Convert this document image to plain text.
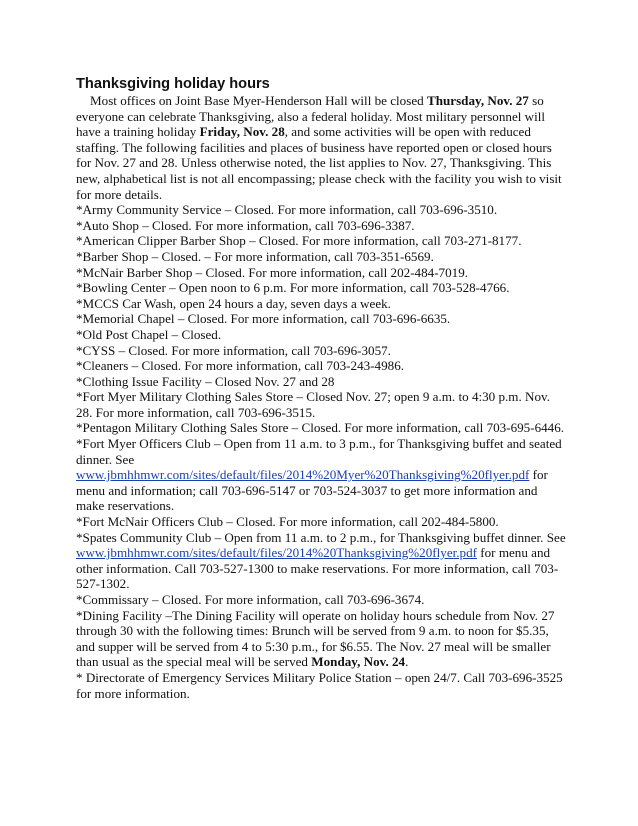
Thanksgiving holiday hours

Most offices on Joint Base Myer-Henderson Hall will be closed Thursday, Nov. 27 so everyone can celebrate Thanksgiving, also a federal holiday. Most military personnel will have a training holiday Friday, Nov. 28, and some activities will be open with reduced staffing. The following facilities and places of business have reported open or closed hours for Nov. 27 and 28. Unless otherwise noted, the list applies to Nov. 27, Thanksgiving. This new, alphabetical list is not all encompassing; please check with the facility you wish to visit for more details.

*Army Community Service – Closed. For more information, call 703-696-3510.

*Auto Shop – Closed. For more information, call 703-696-3387.

*American Clipper Barber Shop – Closed. For more information, call 703-271-8177.

*Barber Shop – Closed. – For more information, call 703-351-6569.

*McNair Barber Shop – Closed. For more information, call 202-484-7019.

*Bowling Center – Open noon to 6 p.m. For more information, call 703-528-4766.

*MCCS Car Wash, open 24 hours a day, seven days a week.

*Memorial Chapel – Closed. For more information, call 703-696-6635.

*Old Post Chapel – Closed.

*CYSS – Closed. For more information, call 703-696-3057.

*Cleaners – Closed. For more information, call 703-243-4986.

*Clothing Issue Facility – Closed Nov. 27 and 28

*Fort Myer Military Clothing Sales Store – Closed Nov. 27; open 9 a.m. to 4:30 p.m. Nov. 28. For more information, call 703-696-3515.

*Pentagon Military Clothing Sales Store – Closed. For more information, call 703-695-6446.

*Fort Myer Officers Club – Open from 11 a.m. to 3 p.m., for Thanksgiving buffet and seated dinner. See www.jbmhhmwr.com/sites/default/files/2014%20Myer%20Thanksgiving%20flyer.pdf for menu and information; call 703-696-5147 or 703-524-3037 to get more information and make reservations.

*Fort McNair Officers Club – Closed. For more information, call 202-484-5800.

*Spates Community Club – Open from 11 a.m. to 2 p.m., for Thanksgiving buffet dinner. See www.jbmhhmwr.com/sites/default/files/2014%20Thanksgiving%20flyer.pdf for menu and other information. Call 703-527-1300 to make reservations. For more information, call 703-527-1302.

*Commissary – Closed. For more information, call 703-696-3674.

*Dining Facility –The Dining Facility will operate on holiday hours schedule from Nov. 27 through 30 with the following times: Brunch will be served from 9 a.m. to noon for $5.35, and supper will be served from 4 to 5:30 p.m., for $6.55. The Nov. 27 meal will be smaller than usual as the special meal will be served Monday, Nov. 24.

* Directorate of Emergency Services Military Police Station – open 24/7. Call 703-696-3525 for more information.
